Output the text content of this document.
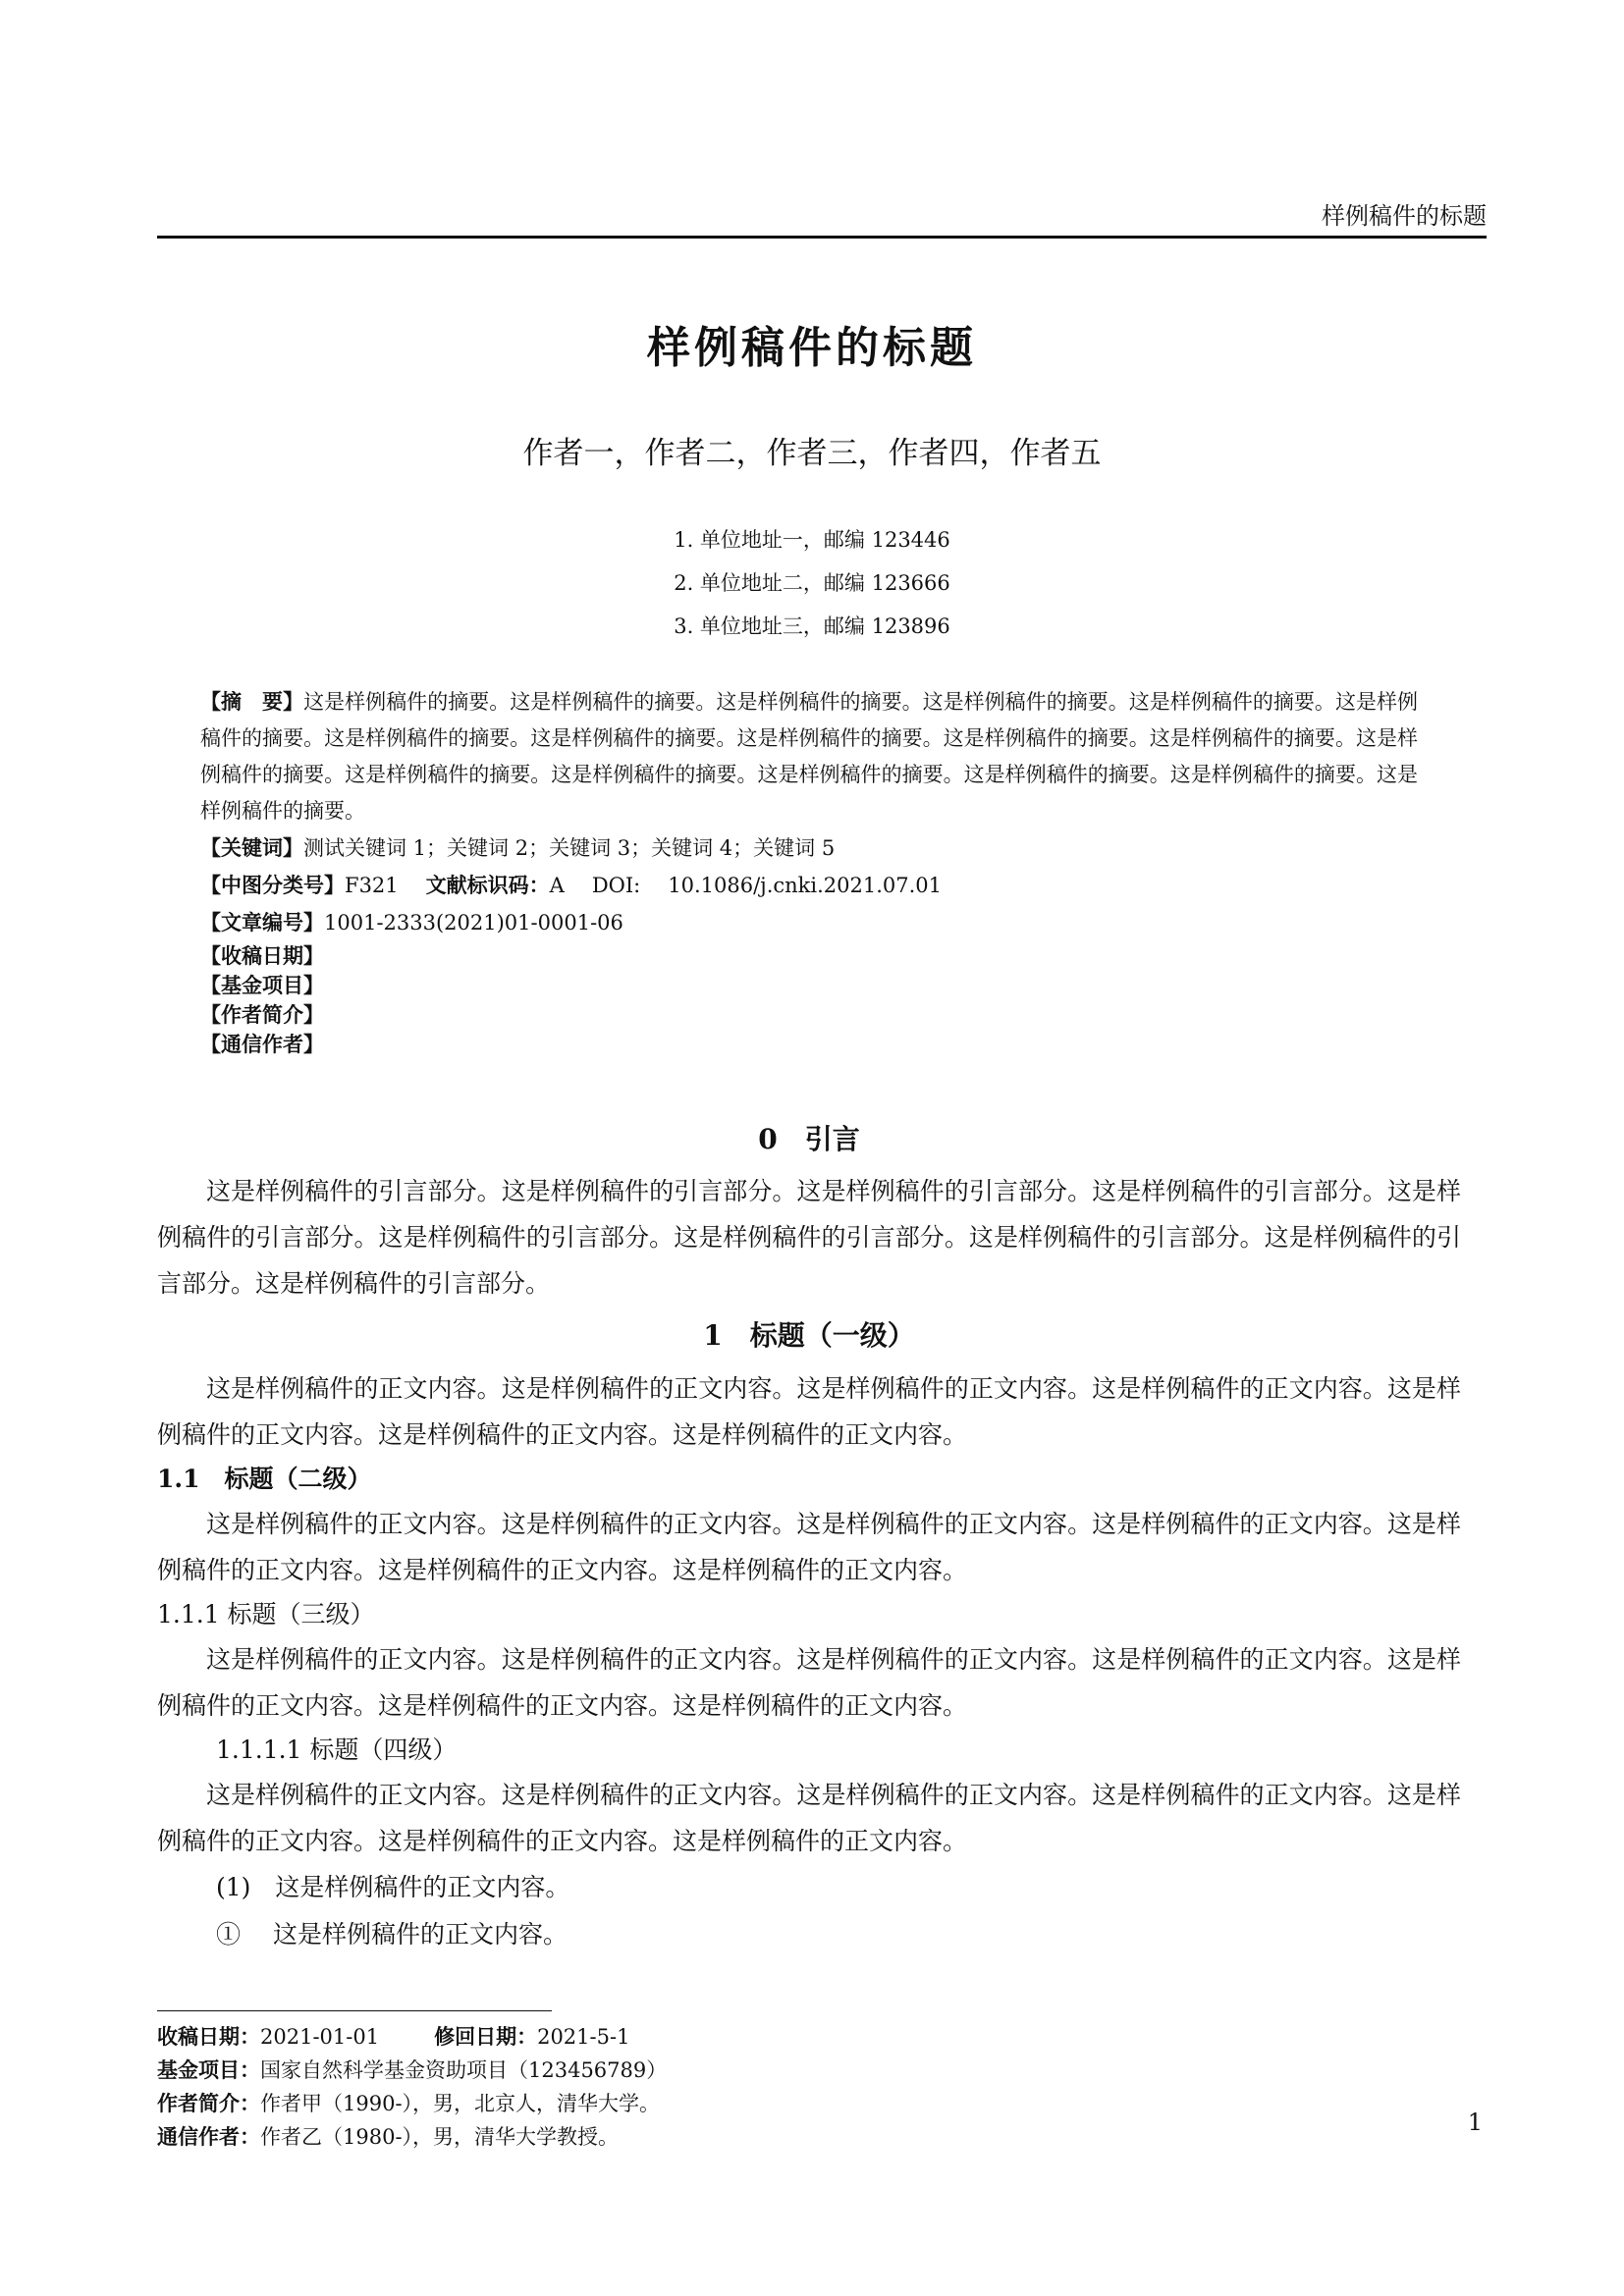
样例稿件的标题
样例稿件的标题
作者一，作者二，作者三，作者四，作者五
1. 单位地址一，邮编 123446
2. 单位地址二，邮编 123666
3. 单位地址三，邮编 123896
【摘　要】这是样例稿件的摘要。这是样例稿件的摘要。这是样例稿件的摘要。这是样例稿件的摘要。这是样例稿件的摘要。这是样例稿件的摘要。这是样例稿件的摘要。这是样例稿件的摘要。这是样例稿件的摘要。这是样例稿件的摘要。这是样例稿件的摘要。这是样例稿件的摘要。这是样例稿件的摘要。这是样例稿件的摘要。这是样例稿件的摘要。这是样例稿件的摘要。这是样例稿件的摘要。这是样例稿件的摘要。
【关键词】测试关键词 1；关键词 2；关键词 3；关键词 4；关键词 5
【中图分类号】F321 文献标识码：A DOI: 10.1086/j.cnki.2021.07.01
【文章编号】1001-2333(2021)01-0001-06
【收稿日期】
【基金项目】
【作者简介】
【通信作者】
0　引言
这是样例稿件的引言部分。这是样例稿件的引言部分。这是样例稿件的引言部分。这是样例稿件的引言部分。这是样例稿件的引言部分。这是样例稿件的引言部分。这是样例稿件的引言部分。这是样例稿件的引言部分。这是样例稿件的引言部分。这是样例稿件的引言部分。
1　标题（一级）
这是样例稿件的正文内容。这是样例稿件的正文内容。这是样例稿件的正文内容。这是样例稿件的正文内容。这是样例稿件的正文内容。这是样例稿件的正文内容。这是样例稿件的正文内容。
1.1　标题（二级）
这是样例稿件的正文内容。这是样例稿件的正文内容。这是样例稿件的正文内容。这是样例稿件的正文内容。这是样例稿件的正文内容。这是样例稿件的正文内容。这是样例稿件的正文内容。
1.1.1 标题（三级）
这是样例稿件的正文内容。这是样例稿件的正文内容。这是样例稿件的正文内容。这是样例稿件的正文内容。这是样例稿件的正文内容。这是样例稿件的正文内容。这是样例稿件的正文内容。
1.1.1.1 标题（四级）
这是样例稿件的正文内容。这是样例稿件的正文内容。这是样例稿件的正文内容。这是样例稿件的正文内容。这是样例稿件的正文内容。这是样例稿件的正文内容。这是样例稿件的正文内容。
(1)　这是样例稿件的正文内容。
①　 这是样例稿件的正文内容。
收稿日期：2021-01-01	修回日期：2021-5-1
基金项目：国家自然科学基金资助项目（123456789）
作者简介：作者甲（1990-），男，北京人，清华大学。
通信作者：作者乙（1980-），男，清华大学教授。
1
